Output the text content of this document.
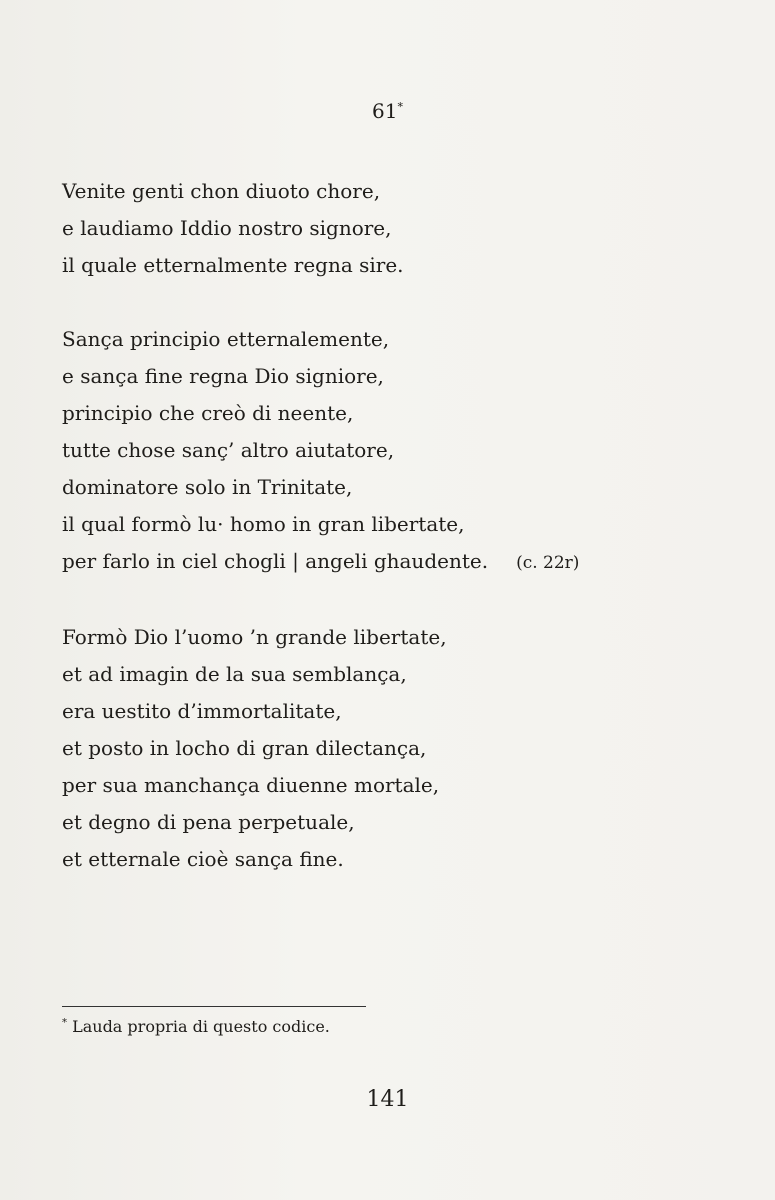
61*
Venite genti chon diuoto chore,
e laudiamo Iddio nostro signore,
il quale etternalmente regna sire.
Sança principio etternalemente,
e sança fine regna Dio signiore,
principio che creò di neente,
tutte chose sanç’ altro aiutatore,
dominatore solo in Trinitate,
il qual formò lu· homo in gran libertate,
per farlo in ciel chogli | angeli ghaudente. (c. 22r)
Formò Dio l’uomo ’n grande libertate,
et ad imagin de la sua semblança,
era uestito d’immortalitate,
et posto in locho di gran dilectança,
per sua manchança diuenne mortale,
et degno di pena perpetuale,
et etternale cioè sança fine.
* Lauda propria di questo codice.
141
